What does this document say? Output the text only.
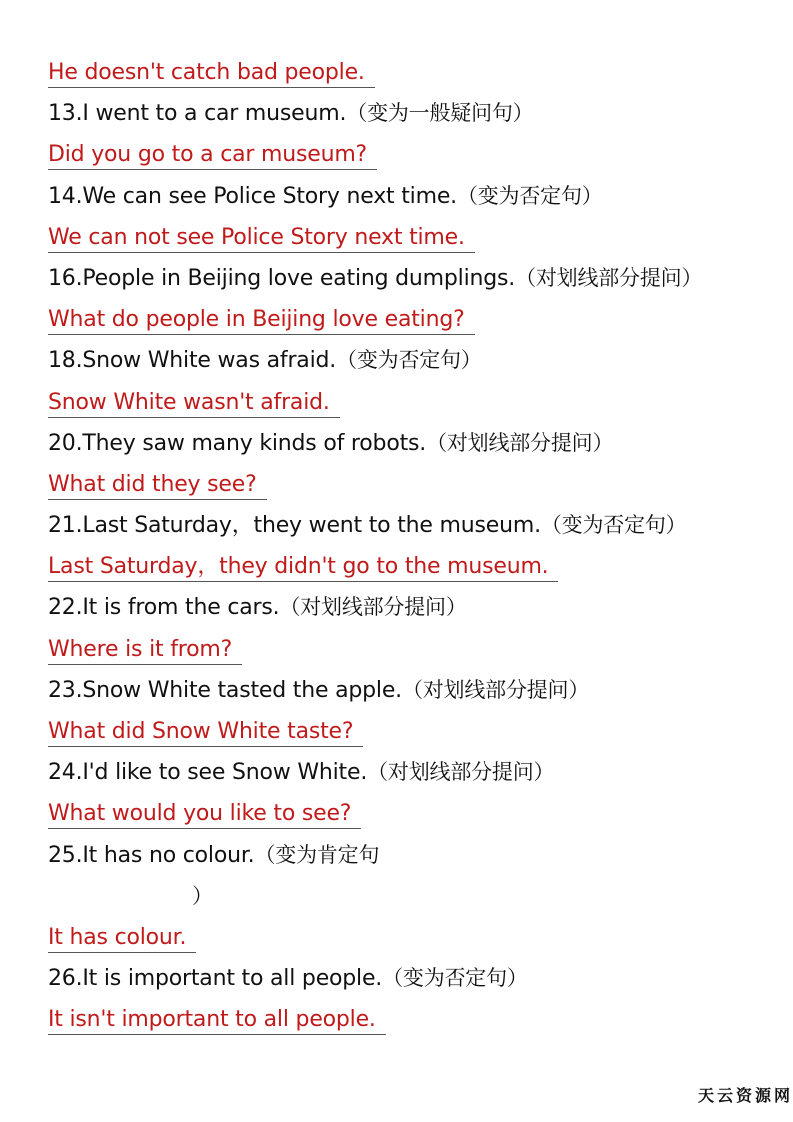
He doesn't catch bad people.
13.I went to a car museum.（变为一般疑问句）
Did you go to a car museum?
14.We can see Police Story next time.（变为否定句）
We can not see Police Story next time.
16.People in Beijing love eating dumplings.（对划线部分提问）
What do people in Beijing love eating?
18.Snow White was afraid.（变为否定句）
Snow White wasn't afraid.
20.They saw many kinds of robots.（对划线部分提问）
What did they see?
21.Last Saturday，they went to the museum.（变为否定句）
Last Saturday，they didn't go to the museum.
22.It is from the cars.（对划线部分提问）
Where is it from?
23.Snow White tasted the apple.（对划线部分提问）
What did Snow White taste?
24.I'd like to see Snow White.（对划线部分提问）
What would you like to see?
25.It has no colour.（变为肯定句
）
It has colour.
26.It is important to all people.（变为否定句）
It isn't important to all people.
天云资源网
